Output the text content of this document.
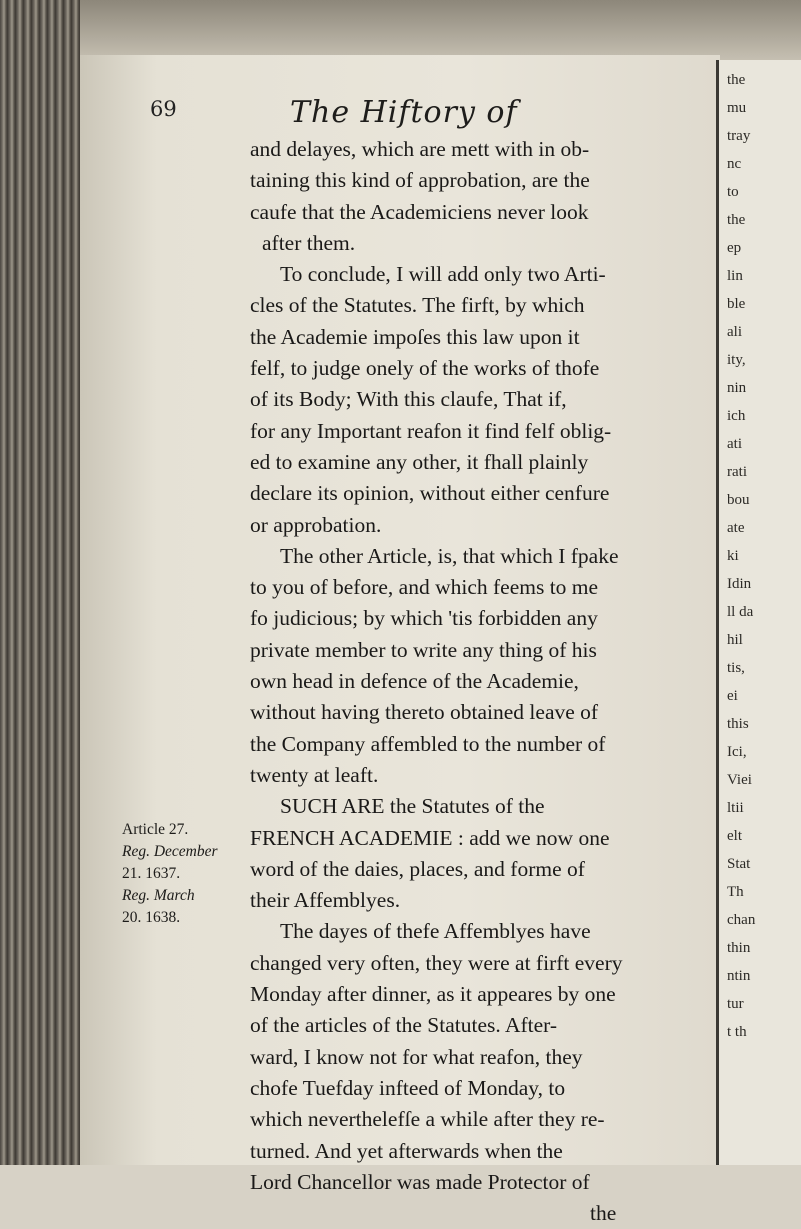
69	The Hiftory of
and delayes, which are mett with in ob-
taining this kind of approbation, are the
caufe that the Academiciens never look
after them.
To conclude, I will add only two Arti-
cles of the Statutes. The firft, by which
the Academie impoſes this law upon it
felf, to judge onely of the works of thofe
of its Body; With this claufe, That if,
for any Important reafon it find felf oblig-
ed to examine any other, it fhall plainly
declare its opinion, without either cenfure
or approbation.
The other Article, is, that which I fpake
to you of before, and which feems to me
fo judicious; by which 'tis forbidden any
private member to write any thing of his
own head in defence of the Academie,
without having thereto obtained leave of
the Company affembled to the number of
twenty at leaft.
SUCH ARE the Statutes of the
FRENCH ACADEMIE : add we now one
word of the daies, places, and forme of
their Affemblyes.
The dayes of thefe Affemblyes have
changed very often, they were at firft every
Monday after dinner, as it appeares by one
of the articles of the Statutes. After-
ward, I know not for what reafon, they
chofe Tuefday infteed of Monday, to
which neverthelefſe a while after they re-
turned. And yet afterwards when the
Lord Chancellor was made Protector of
the
Article 27.
Reg. December
21. 1637.
Reg. March
20. 1638.
the
mu
tray
nc
to
the
ep
lin
ble
ali
ity,
nin
ich
ati
rati
bou
ate
ki
Idin
ll da
hil
tis,
ei
this
Ici,
Viei
ltii
elt
Stat
Th
chan
thin
ntin
tur
t th
